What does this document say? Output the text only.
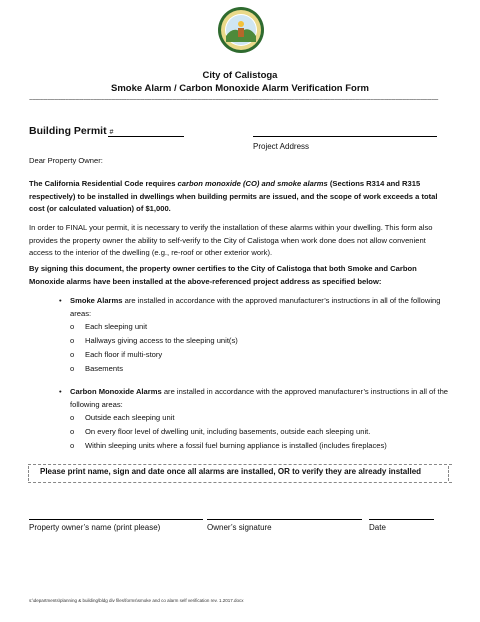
City of Calistoga
Smoke Alarm / Carbon Monoxide Alarm Verification Form
~~~~~~~~~~~~~~~~~~~~~~~~~~~~~~~~~~~~~~~~~~~~~~~~~~~~~~~~~~~~~~~~~~~~~~~~~~~~~~~~~~~~~~~~~~~~~~~~~~~~~~~~~~~~~~~~~~
Building Permit #
Project Address
Dear Property Owner:
The California Residential Code requires carbon monoxide (CO) and smoke alarms (Sections R314 and R315 respectively) to be installed in dwellings when building permits are issued, and the scope of work exceeds a total cost (or calculated valuation) of $1,000.
In order to FINAL your permit, it is necessary to verify the installation of these alarms within your dwelling. This form also provides the property owner the ability to self-verify to the City of Calistoga when work done does not allow convenient access to the interior of the dwelling (e.g., re-roof or other exterior work).
By signing this document, the property owner certifies to the City of Calistoga that both Smoke and Carbon Monoxide alarms have been installed at the above-referenced project address as specified below:
• Smoke Alarms are installed in accordance with the approved manufacturer’s instructions in all of the following areas:
o Each sleeping unit
o Hallways giving access to the sleeping unit(s)
o Each floor if multi-story
o Basements
• Carbon Monoxide Alarms are installed in accordance with the approved manufacturer’s instructions in all of the following areas:
o Outside each sleeping unit
o On every floor level of dwelling unit, including basements, outside each sleeping unit.
o Within sleeping units where a fossil fuel burning appliance is installed (includes fireplaces)
Please print name, sign and date once all alarms are installed, OR to verify they are already installed
Property owner’s name (print please)	Owner’s signature	Date
s:\departments\planning & building\bldg div files\forms\smoke and co alarm self verification rev. 1.2017.docx
